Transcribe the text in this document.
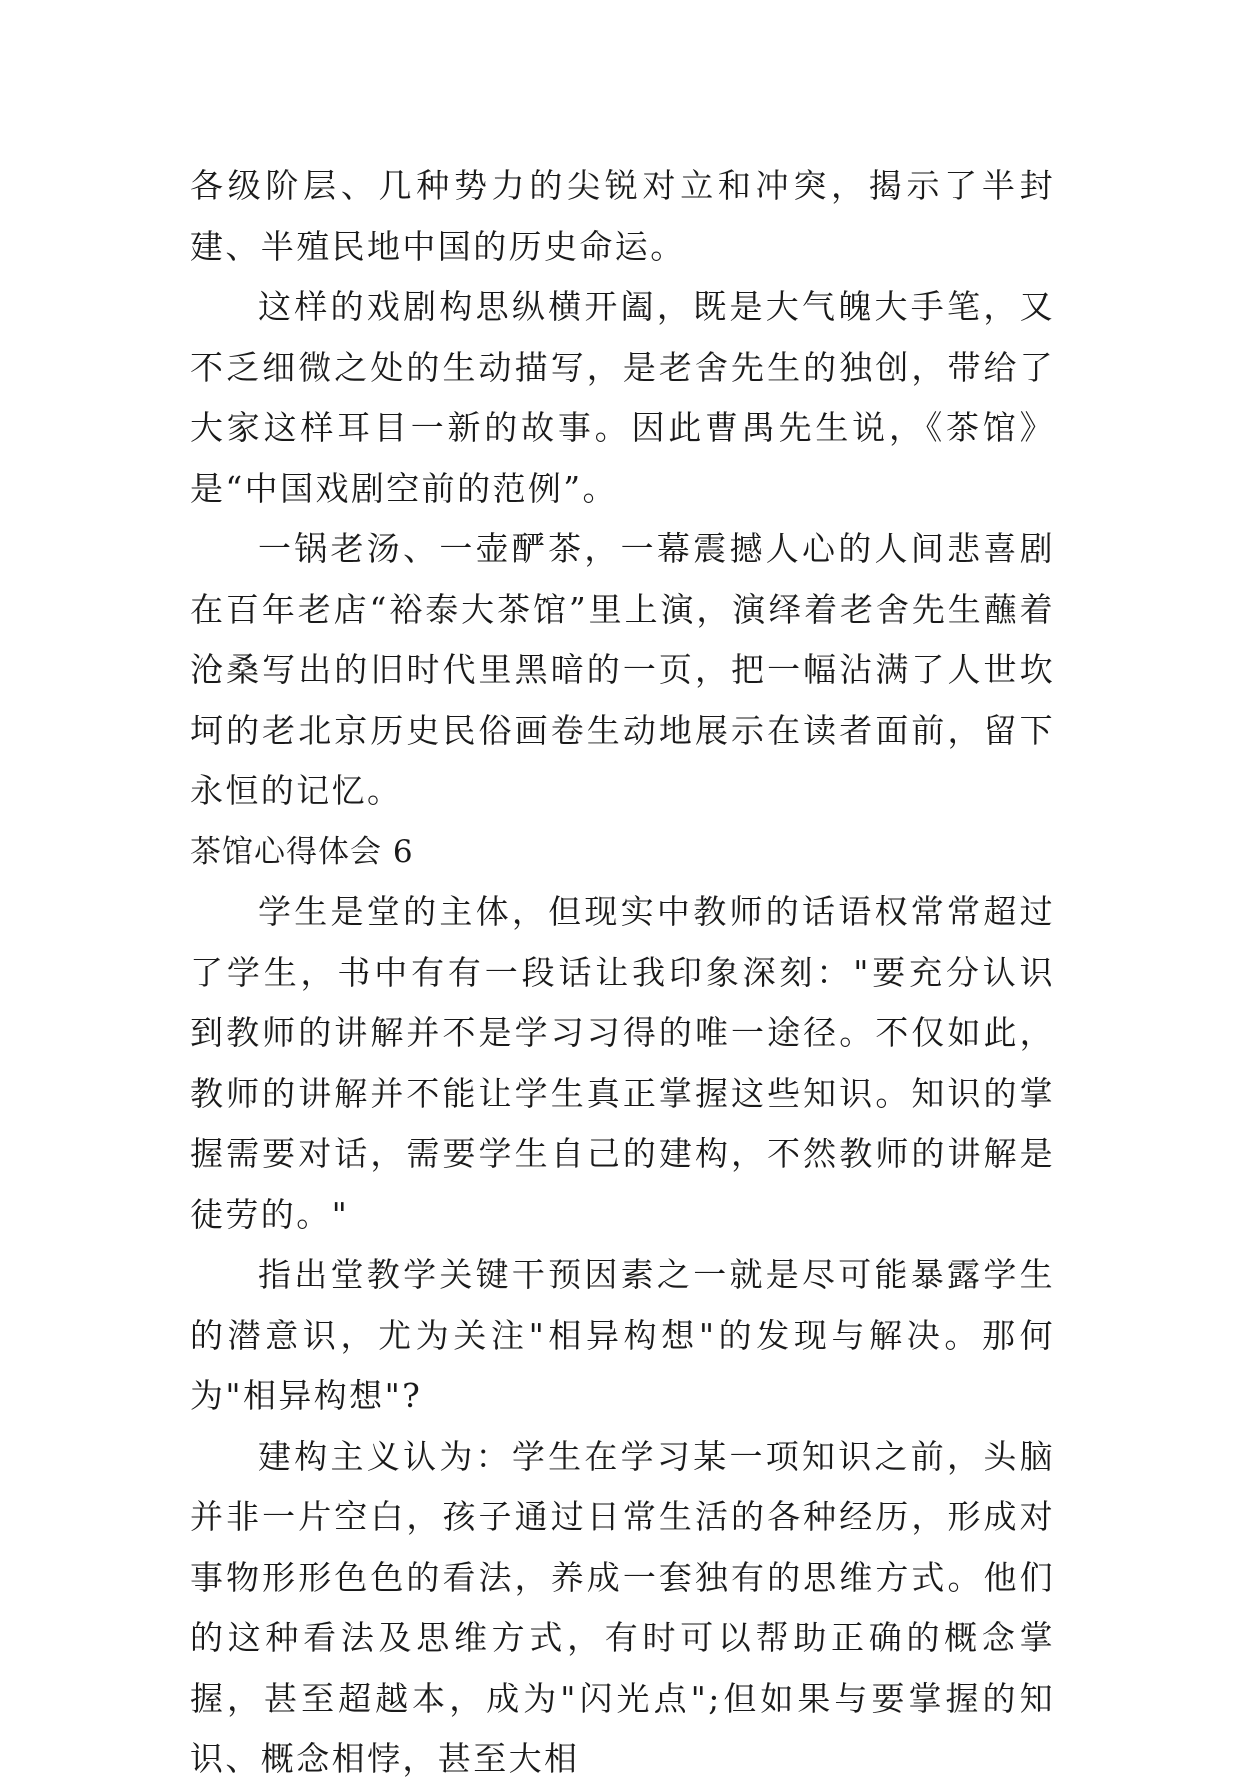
各级阶层、几种势力的尖锐对立和冲突，揭示了半封建、半殖民地中国的历史命运。

这样的戏剧构思纵横开阖，既是大气魄大手笔，又不乏细微之处的生动描写，是老舍先生的独创，带给了大家这样耳目一新的故事。因此曹禺先生说，《茶馆》是“中国戏剧空前的范例”。

一锅老汤、一壶酽茶，一幕震撼人心的人间悲喜剧在百年老店“裕泰大茶馆”里上演，演绎着老舍先生蘸着沧桑写出的旧时代里黑暗的一页，把一幅沾满了人世坎坷的老北京历史民俗画卷生动地展示在读者面前，留下永恒的记忆。

茶馆心得体会 6

学生是堂的主体，但现实中教师的话语权常常超过了学生，书中有有一段话让我印象深刻："要充分认识到教师的讲解并不是学习习得的唯一途径。不仅如此，教师的讲解并不能让学生真正掌握这些知识。知识的掌握需要对话，需要学生自己的建构，不然教师的讲解是徒劳的。"

指出堂教学关键干预因素之一就是尽可能暴露学生的潜意识，尤为关注"相异构想"的发现与解决。那何为"相异构想"?

建构主义认为：学生在学习某一项知识之前，头脑并非一片空白，孩子通过日常生活的各种经历，形成对事物形形色色的看法，养成一套独有的思维方式。他们的这种看法及思维方式，有时可以帮助正确的概念掌握，甚至超越本，成为"闪光点";但如果与要掌握的知识、概念相悖，甚至大相
